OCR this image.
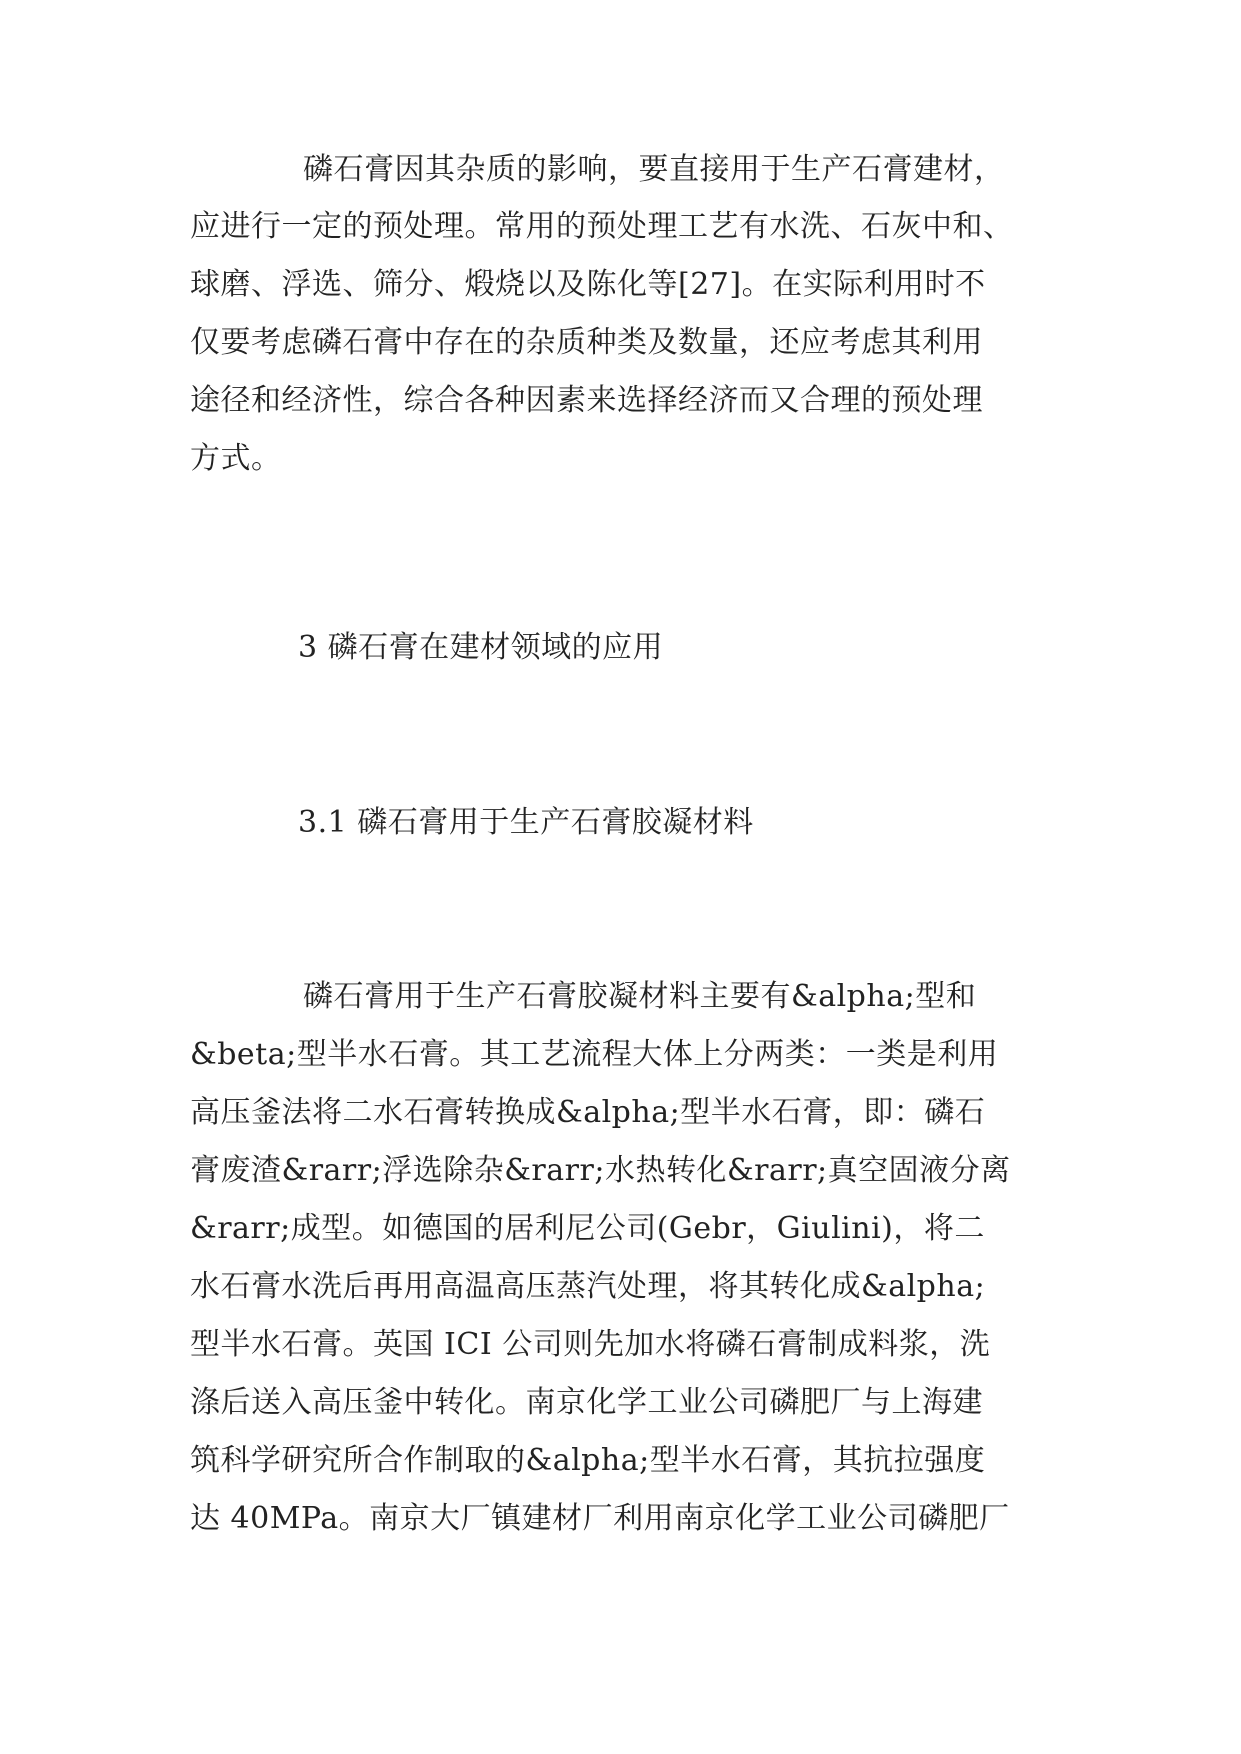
磷石膏因其杂质的影响，要直接用于生产石膏建材，
应进行一定的预处理。常用的预处理工艺有水洗、石灰中和、
球磨、浮选、筛分、煅烧以及陈化等[27]。在实际利用时不
仅要考虑磷石膏中存在的杂质种类及数量，还应考虑其利用
途径和经济性，综合各种因素来选择经济而又合理的预处理
方式。
3 磷石膏在建材领域的应用
3.1 磷石膏用于生产石膏胶凝材料
磷石膏用于生产石膏胶凝材料主要有&alpha;型和
&beta;型半水石膏。其工艺流程大体上分两类：一类是利用
高压釜法将二水石膏转换成&alpha;型半水石膏，即：磷石
膏废渣&rarr;浮选除杂&rarr;水热转化&rarr;真空固液分离
&rarr;成型。如德国的居利尼公司(Gebr，Giulini)，将二
水石膏水洗后再用高温高压蒸汽处理，将其转化成&alpha;
型半水石膏。英国 ICI 公司则先加水将磷石膏制成料浆，洗
涤后送入高压釜中转化。南京化学工业公司磷肥厂与上海建
筑科学研究所合作制取的&alpha;型半水石膏，其抗拉强度
达 40MPa。南京大厂镇建材厂利用南京化学工业公司磷肥厂
